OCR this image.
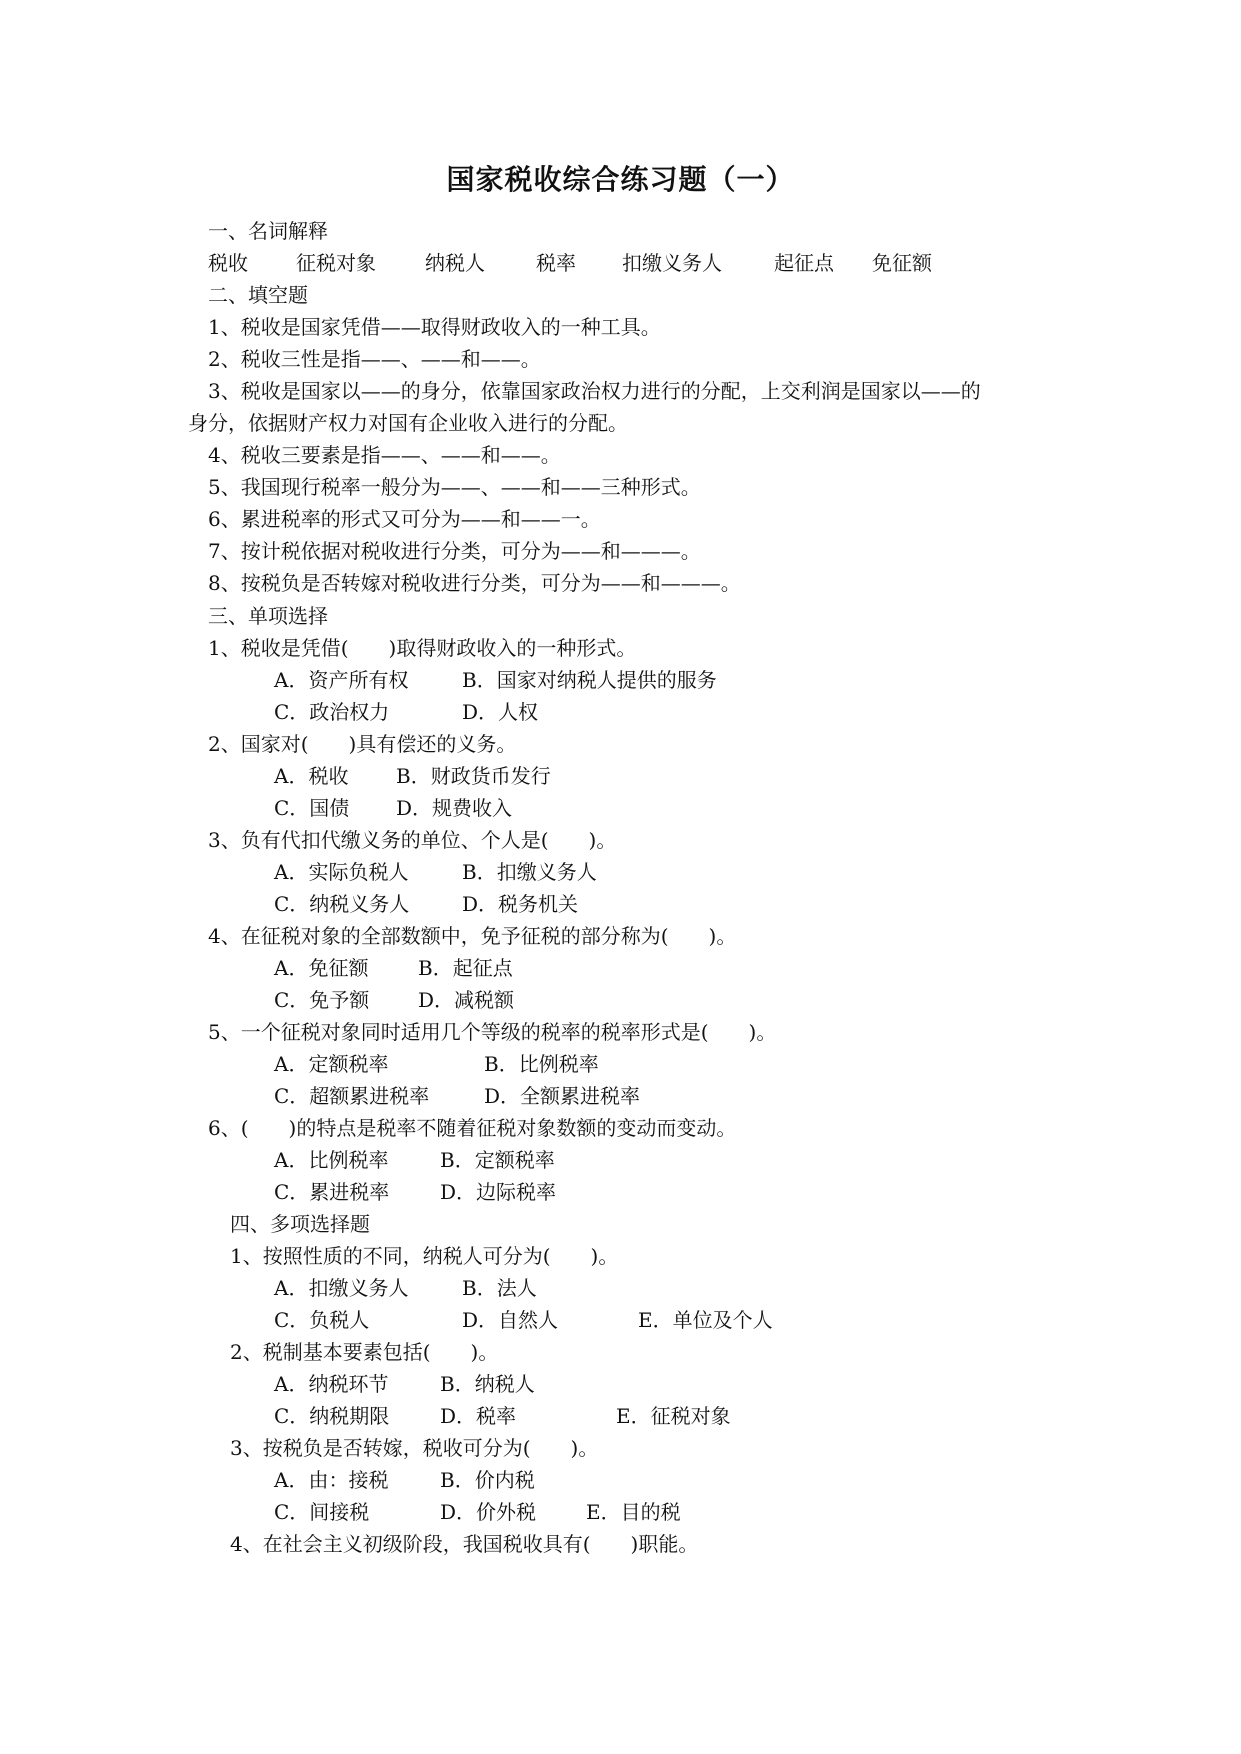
国家税收综合练习题（一）
一、名词解释
税收 征税对象 纳税人	税率 扣缴义务人	起征点 免征额
二、填空题
1、税收是国家凭借——取得财政收入的一种工具。
2、税收三性是指——、——和——。
3、税收是国家以——的身分，依靠国家政治权力进行的分配，上交利润是国家以——的
身分，依据财产权力对国有企业收入进行的分配。
4、税收三要素是指——、——和——。
5、我国现行税率一般分为——、——和——三种形式。
6、累进税率的形式又可分为——和——一。
7、按计税依据对税收进行分类，可分为——和———。
8、按税负是否转嫁对税收进行分类，可分为——和———。
三、单项选择
1、税收是凭借(　　)取得财政收入的一种形式。
A．资产所有权	B．国家对纳税人提供的服务
C．政治权力	D．人权
2、国家对(　　)具有偿还的义务。
A．税收 B．财政货币发行
C．国债 D．规费收入
3、负有代扣代缴义务的单位、个人是(　　)。
A．实际负税人	B．扣缴义务人
C．纳税义务人	D．税务机关
4、在征税对象的全部数额中，免予征税的部分称为(　　)。
A．免征额 B．起征点
C．免予额 D．减税额
5、一个征税对象同时适用几个等级的税率的税率形式是(　　)。
A．定额税率	B．比例税率
C．超额累进税率	D．全额累进税率
6、(　　)的特点是税率不随着征税对象数额的变动而变动。
A．比例税率	B．定额税率
C．累进税率	D．边际税率
四、多项选择题
1、按照性质的不同，纳税人可分为(　　)。
A．扣缴义务人	B．法人
C．负税人	D．自然人	E．单位及个人
2、税制基本要素包括(　　)。
A．纳税环节	B．纳税人
C．纳税期限	D．税率	E．征税对象
3、按税负是否转嫁，税收可分为(　　)。
A．由：接税	B．价内税
C．间接税	D．价外税 E．目的税
4、在社会主义初级阶段，我国税收具有(　　)职能。
